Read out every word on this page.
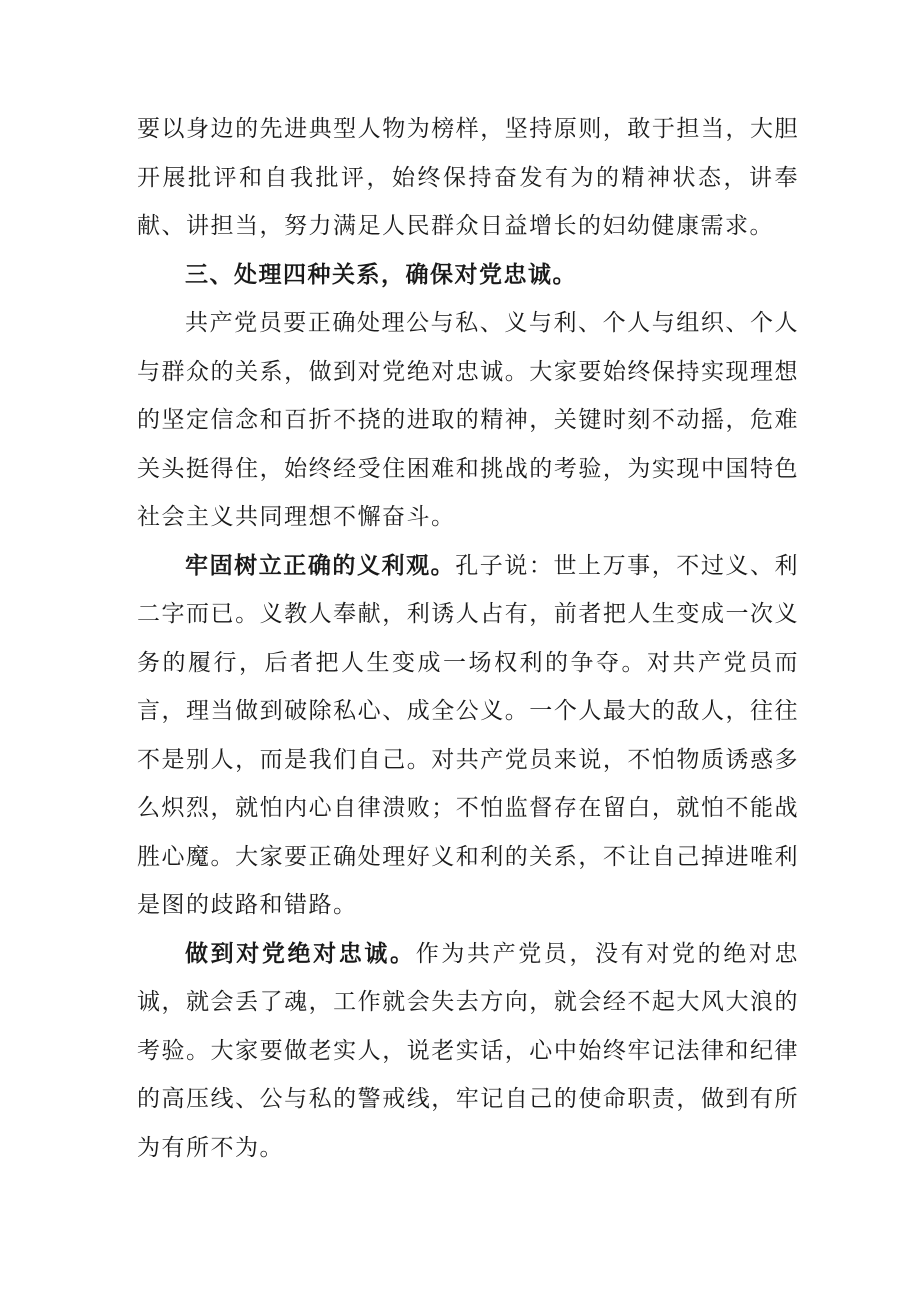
要以身边的先进典型人物为榜样，坚持原则，敢于担当，大胆开展批评和自我批评，始终保持奋发有为的精神状态，讲奉献、讲担当，努力满足人民群众日益增长的妇幼健康需求。

三、处理四种关系，确保对党忠诚。

共产党员要正确处理公与私、义与利、个人与组织、个人与群众的关系，做到对党绝对忠诚。大家要始终保持实现理想的坚定信念和百折不挠的进取的精神，关键时刻不动摇，危难关头挺得住，始终经受住困难和挑战的考验，为实现中国特色社会主义共同理想不懈奋斗。

牢固树立正确的义利观。孔子说：世上万事，不过义、利二字而已。义教人奉献，利诱人占有，前者把人生变成一次义务的履行，后者把人生变成一场权利的争夺。对共产党员而言，理当做到破除私心、成全公义。一个人最大的敌人，往往不是别人，而是我们自己。对共产党员来说，不怕物质诱惑多么炽烈，就怕内心自律溃败；不怕监督存在留白，就怕不能战胜心魔。大家要正确处理好义和利的关系，不让自己掉进唯利是图的歧路和错路。

做到对党绝对忠诚。作为共产党员，没有对党的绝对忠诚，就会丢了魂，工作就会失去方向，就会经不起大风大浪的考验。大家要做老实人，说老实话，心中始终牢记法律和纪律的高压线、公与私的警戒线，牢记自己的使命职责，做到有所为有所不为。
